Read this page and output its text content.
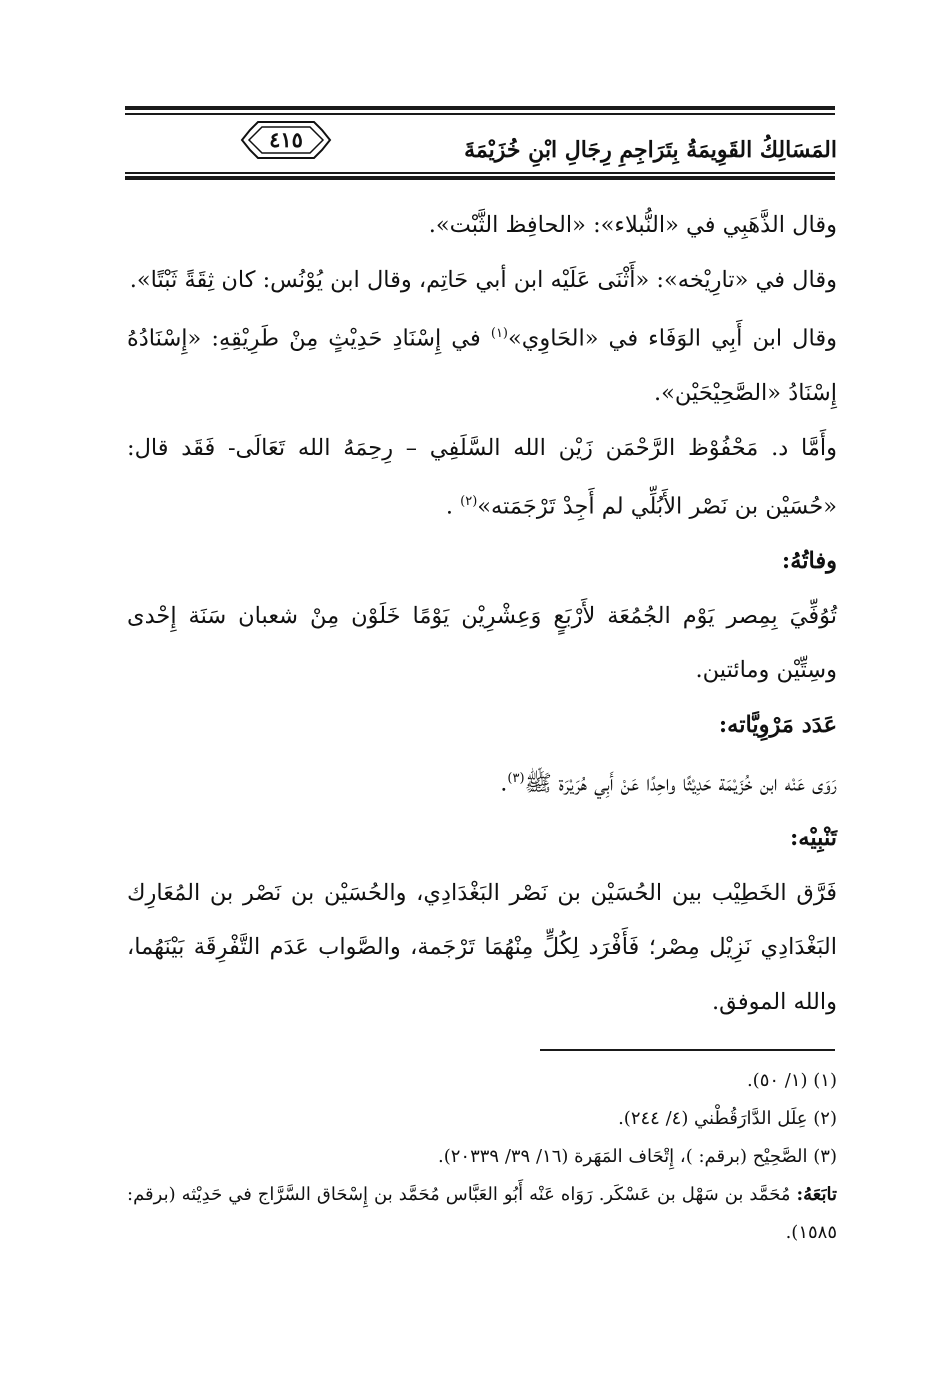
٤١٥	المَسَالِكُ القَوِيمَةُ بِتَرَاجِمِ رِجَالِ ابْنِ خُزَيْمَةَ

وقال الذَّهَبِي في «النُّبلاء»: «الحافِظ الثَّبْت».

وقال في «تارِيْخه»: «أَثْنَى عَلَيْه ابن أبي حَاتِم، وقال ابن يُوْنُس: كان ثِقَةً ثَبْتًا».

وقال ابن أَبِي الوَفَاء في «الحَاوِي»$^{(١)}$ في إِسْنَادِ حَدِيْثٍ مِنْ طَرِيْقِهِ: «إِسْنَادُهُ إِسْنَادُ «الصَّحِيْحَيْن».

وأَمَّا د. مَحْفُوْظ الرَّحْمَن زَيْن الله السَّلَفِي – رِحِمَهُ الله تَعَالَى- فَقَد قال: «حُسَيْن بن نَصْر الأَبُلِّي لم أَجِدْ تَرْجَمَته»$^{(٢)}$ .

وفاتُهُ:

تُوُفِّيَ بِمِصر يَوْم الجُمُعَة لأَرْبَعٍ وَعِشْرِيْن يَوْمًا خَلَوْن مِنْ شعبان سَنَة إِحْدى وسِتِّيْن ومائتين.

عَدَد مَرْوِيَّاته:

رَوَى عَنْه ابن خُزَيْمَة حَدِيْثًا واحِدًا عَنْ أَبِي هُرَيْرَة ﷺ$^{(٣)}$.

تَنْبِيْه:

فَرَّق الخَطِيْب بين الحُسَيْن بن نَصْر البَغْدَادِي، والحُسَيْن بن نَصْر بن المُعَارِك البَغْدَادِي نَزِيْل مِصْر؛ فَأَفْرَد لِكُلٍّ مِنْهُمَا تَرْجَمة، والصَّواب عَدَم التَّفْرِقَة بَيْنَهُما، والله الموفق.

(١) (١/ ٥٠).

(٢) عِلَل الدَّارَقُطْني (٤/ ٢٤٤).

(٣) الصَّحِيْح (برقم: )، إِتْحَاف المَهَرة (١٦/ ٣٩/ ٢٠٣٣٩).

تابَعَهُ: مُحَمَّد بن سَهْل بن عَسْكَر. رَوَاه عَنْه أَبُو العَبَّاس مُحَمَّد بن إِسْحَاق السَّرَّاج في حَدِيْثه (برقم: ١٥٨٥).
